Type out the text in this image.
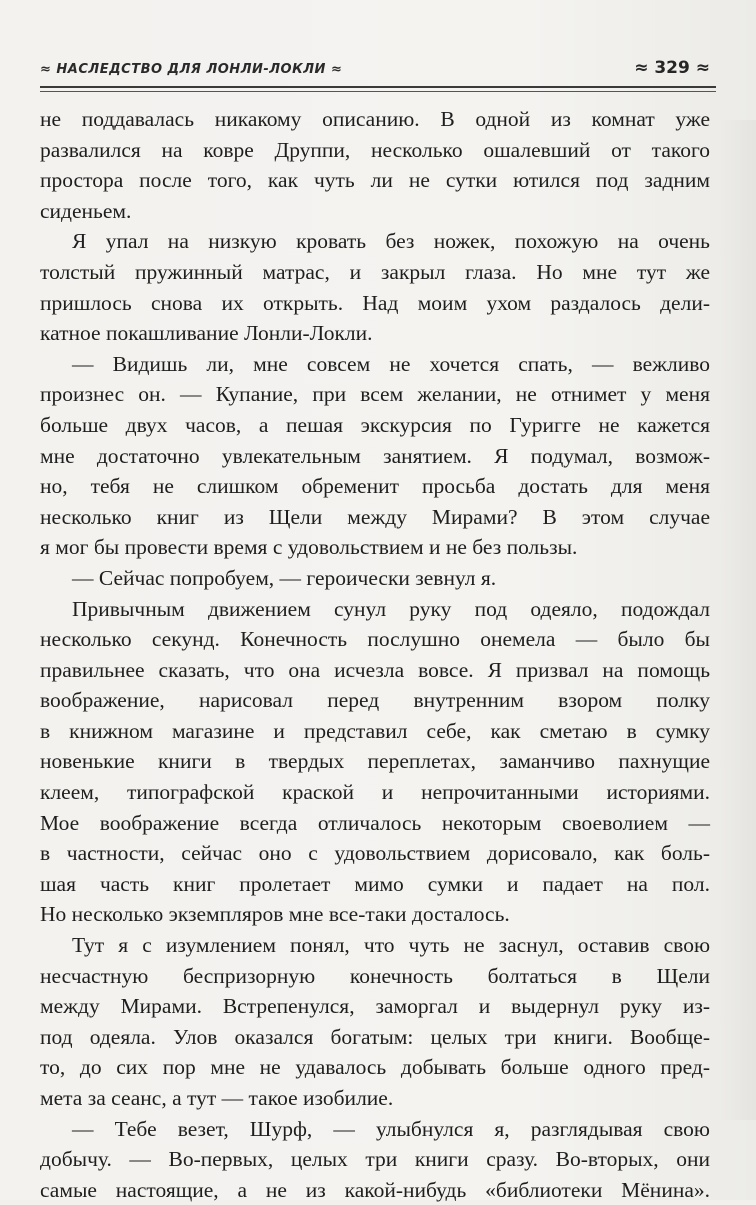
≈ НАСЛЕДСТВО ДЛЯ ЛОНЛИ-ЛОКЛИ ≈	≈ 329 ≈
не поддавалась никакому описанию. В одной из комнат уже
развалился на ковре Друппи, несколько ошалевший от такого
простора после того, как чуть ли не сутки ютился под задним
сиденьем.
Я упал на низкую кровать без ножек, похожую на очень
толстый пружинный матрас, и закрыл глаза. Но мне тут же
пришлось снова их открыть. Над моим ухом раздалось дели-
катное покашливание Лонли-Локли.
— Видишь ли, мне совсем не хочется спать, — вежливо
произнес он. — Купание, при всем желании, не отнимет у меня
больше двух часов, а пешая экскурсия по Гуригге не кажется
мне достаточно увлекательным занятием. Я подумал, возмож-
но, тебя не слишком обременит просьба достать для меня
несколько книг из Щели между Мирами? В этом случае
я мог бы провести время с удовольствием и не без пользы.
— Сейчас попробуем, — героически зевнул я.
Привычным движением сунул руку под одеяло, подождал
несколько секунд. Конечность послушно онемела — было бы
правильнее сказать, что она исчезла вовсе. Я призвал на помощь
воображение, нарисовал перед внутренним взором полку
в книжном магазине и представил себе, как сметаю в сумку
новенькие книги в твердых переплетах, заманчиво пахнущие
клеем, типографской краской и непрочитанными историями.
Мое воображение всегда отличалось некоторым своеволием —
в частности, сейчас оно с удовольствием дорисовало, как боль-
шая часть книг пролетает мимо сумки и падает на пол.
Но несколько экземпляров мне все-таки досталось.
Тут я с изумлением понял, что чуть не заснул, оставив свою
несчастную беспризорную конечность болтаться в Щели
между Мирами. Встрепенулся, заморгал и выдернул руку из-
под одеяла. Улов оказался богатым: целых три книги. Вообще-
то, до сих пор мне не удавалось добывать больше одного пред-
мета за сеанс, а тут — такое изобилие.
— Тебе везет, Шурф, — улыбнулся я, разглядывая свою
добычу. — Во-первых, целых три книги сразу. Во-вторых, они
самые настоящие, а не из какой-нибудь «библиотеки Мёнина».
